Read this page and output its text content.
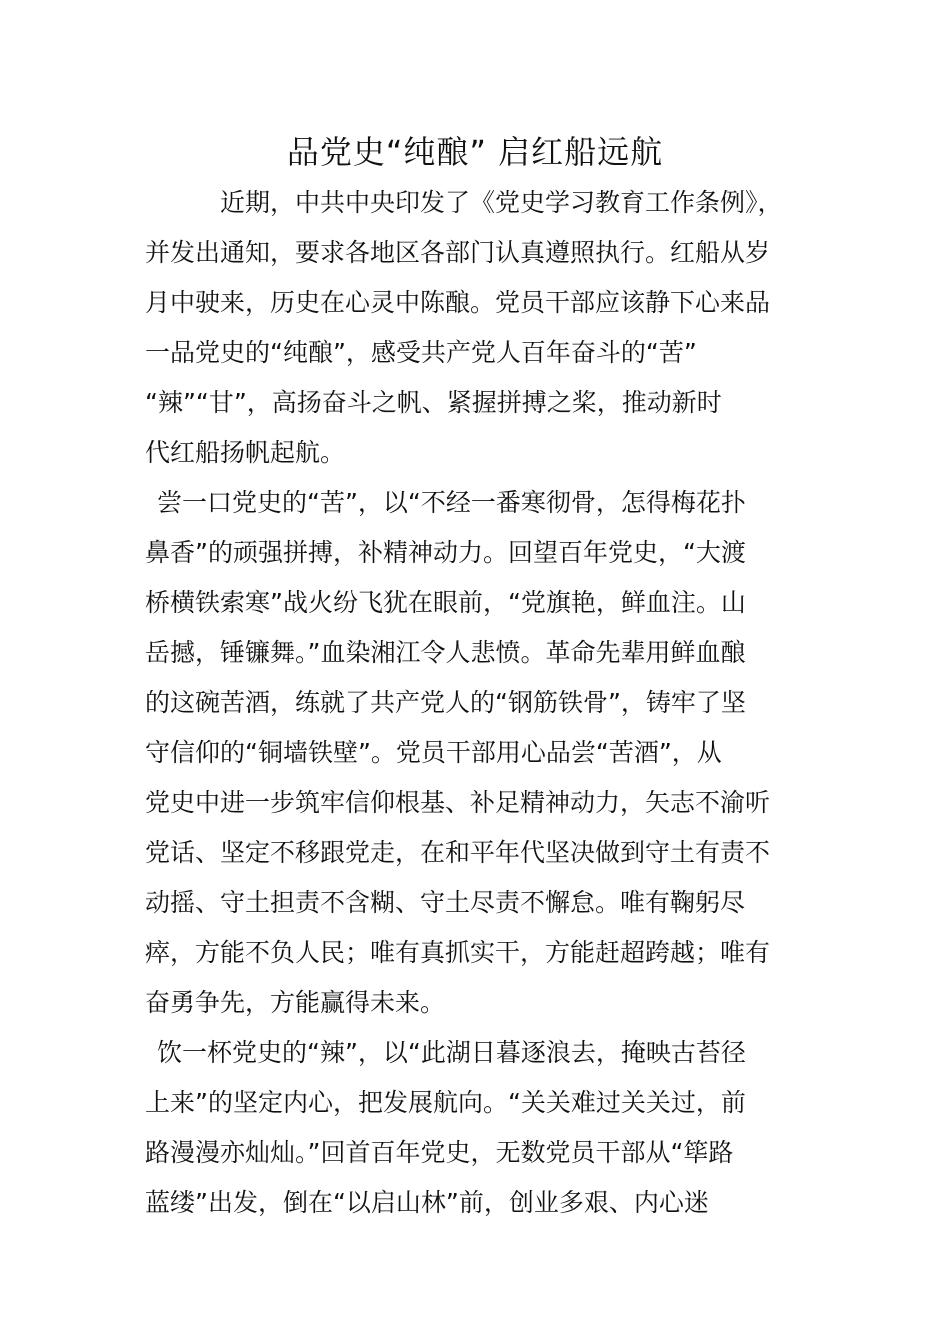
品党史“纯酿” 启红船远航
近期，中共中央印发了《党史学习教育工作条例》，
并发出通知，要求各地区各部门认真遵照执行。红船从岁
月中驶来，历史在心灵中陈酿。党员干部应该静下心来品
一品党史的“纯酿”，感受共产党人百年奋斗的“苦”
“辣”“甘”，高扬奋斗之帆、紧握拼搏之桨，推动新时
代红船扬帆起航。
尝一口党史的“苦”，以“不经一番寒彻骨，怎得梅花扑
鼻香”的顽强拼搏，补精神动力。回望百年党史，“大渡
桥横铁索寒”战火纷飞犹在眼前，“党旗艳，鲜血注。山
岳撼，锤镰舞。”血染湘江令人悲愤。革命先辈用鲜血酿
的这碗苦酒，练就了共产党人的“钢筋铁骨”，铸牢了坚
守信仰的“铜墙铁壁”。党员干部用心品尝“苦酒”，从
党史中进一步筑牢信仰根基、补足精神动力，矢志不渝听
党话、坚定不移跟党走，在和平年代坚决做到守土有责不
动摇、守土担责不含糊、守土尽责不懈怠。唯有鞠躬尽
瘁，方能不负人民；唯有真抓实干，方能赶超跨越；唯有
奋勇争先，方能赢得未来。
饮一杯党史的“辣”，以“此湖日暮逐浪去，掩映古苔径
上来”的坚定内心，把发展航向。“关关难过关关过，前
路漫漫亦灿灿。”回首百年党史，无数党员干部从“筚路
蓝缕”出发，倒在“以启山林”前，创业多艰、内心迷
